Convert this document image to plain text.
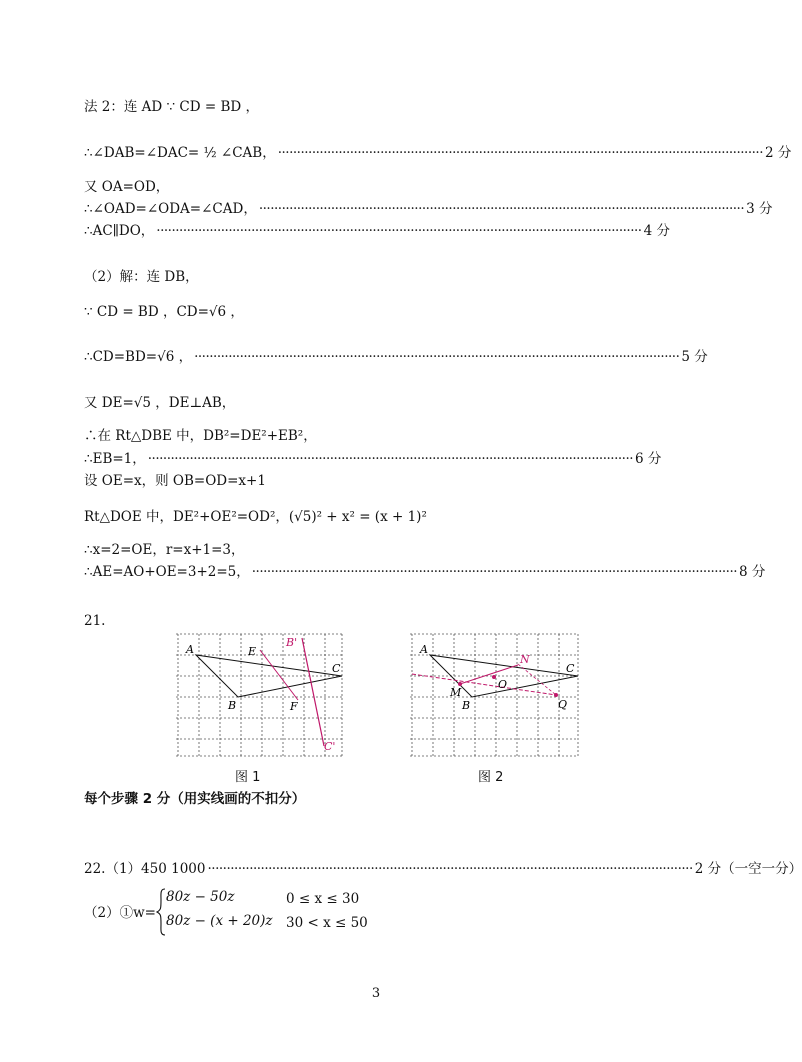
法 2：连 AD ∵ CD = BD ，
∴∠DAB=∠DAC= ½ ∠CAB， ································································································································ 2 分
又 OA=OD，
∴∠OAD=∠ODA=∠CAD， ································································································································ 3 分
∴AC∥DO， ································································································································ 4 分
（2）解：连 DB，
∵ CD = BD ，CD=√6 ，
∴CD=BD=√6 ， ································································································································ 5 分
又 DE=√5 ，DE⊥AB，
∴在 Rt△DBE 中，DB²=DE²+EB²，
∴EB=1， ································································································································ 6 分
设 OE=x，则 OB=OD=x+1
Rt△DOE 中，DE²+OE²=OD²，(√5)² + x² = (x + 1)²
∴x=2=OE，r=x+1=3，
∴AE=AO+OE=3+2=5， ································································································································ 8 分
21.
A
B
C
E
F
B'
C'
图 1
A
B
C
M
N
O
Q
图 2
每个步骤 2 分（用实线画的不扣分）
22.（1）450 1000 ································································································································ 2 分（一空一分）
（2）①w=
80z − 50z	0 ≤ x ≤ 30
80z − (x + 20)z 30 < x ≤ 50
3
